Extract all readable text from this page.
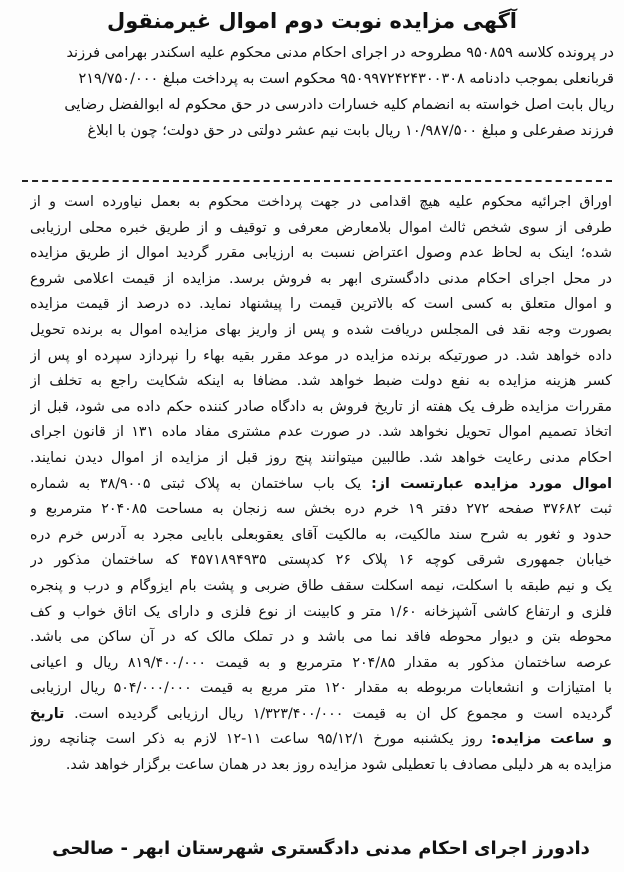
آگهی مزایده نوبت دوم اموال غیرمنقول

در پرونده کلاسه ۹۵۰۸۵۹ مطروحه در اجرای احکام مدنی محکوم علیه اسکندر بهرامی فرزند

قربانعلی بموجب دادنامه ۹۵۰۹۹۷۲۴۲۴۳۰۰۳۰۸ محکوم است به پرداخت مبلغ ۲۱۹/۷۵۰/۰۰۰

ریال بابت اصل خواسته به انضمام کلیه خسارات دادرسی در حق محکوم له ابوالفضل رضایی

فرزند صفرعلی و مبلغ ۱۰/۹۸۷/۵۰۰ ریال بابت نیم عشر دولتی در حق دولت؛ چون با ابلاغ

اوراق اجرائیه محکوم علیه هیچ اقدامی در جهت پرداخت محکوم به بعمل نیاورده است و از
طرفی از سوی شخص ثالث اموال بلامعارض معرفی و توقیف و از طریق خبره محلی ارزیابی
شده؛ اینک به لحاظ عدم وصول اعتراض نسبت به ارزیابی مقرر گردید اموال از طریق مزایده
در محل اجرای احکام مدنی دادگستری ابهر به فروش برسد. مزایده از قیمت اعلامی شروع
و اموال متعلق به کسی است که بالاترین قیمت را پیشنهاد نماید. ده درصد از قیمت مزایده
بصورت وجه نقد فی المجلس دریافت شده و پس از واریز بهای مزایده اموال به برنده تحویل
داده خواهد شد. در صورتیکه برنده مزایده در موعد مقرر بقیه بهاء را نپردازد سپرده او پس از
کسر هزینه مزایده به نفع دولت ضبط خواهد شد. مضافا به اینکه شکایت راجع به تخلف از
مقررات مزایده ظرف یک هفته از تاریخ فروش به دادگاه صادر کننده حکم داده می شود، قبل از
اتخاذ تصمیم اموال تحویل نخواهد شد. در صورت عدم مشتری مفاد ماده ۱۳۱ از قانون اجرای
احکام مدنی رعایت خواهد شد. طالبین میتوانند پنج روز قبل از مزایده از اموال دیدن نمایند.
اموال مورد مزایده عبارتست از: یک باب ساختمان به پلاک ثبتی ۳۸/۹۰۰۵ به شماره
ثبت ۳۷۶۸۲ صفحه ۲۷۲ دفتر ۱۹ خرم دره بخش سه زنجان به مساحت ۲۰۴۰۸۵ مترمربع و
حدود و ثغور به شرح سند مالکیت، به مالکیت آقای یعقوبعلی بابایی مجرد به آدرس خرم دره
خیابان جمهوری شرقی کوچه ۱۶ پلاک ۲۶ کدپستی ۴۵۷۱۸۹۴۹۳۵ که ساختمان مذکور در
یک و نیم طبقه با اسکلت، نیمه اسکلت سقف طاق ضربی و پشت بام ایزوگام و درب و پنجره
فلزی و ارتفاع کاشی آشپزخانه ۱/۶۰ متر و کابینت از نوع فلزی و دارای یک اتاق خواب و کف
محوطه بتن و دیوار محوطه فاقد نما می باشد و در تملک مالک که در آن ساکن می باشد.
عرصه ساختمان مذکور به مقدار ۲۰۴/۸۵ مترمربع و به قیمت ۸۱۹/۴۰۰/۰۰۰ ریال و اعیانی
با امتیازات و انشعابات مربوطه به مقدار ۱۲۰ متر مربع به قیمت ۵۰۴/۰۰۰/۰۰۰ ریال ارزیابی
گردیده است و مجموع کل ان به قیمت ۱/۳۲۳/۴۰۰/۰۰۰ ریال ارزیابی گردیده است. تاریخ
و ساعت مزایده: روز یکشنبه مورخ ۹۵/۱۲/۱ ساعت ۱۱-۱۲ لازم به ذکر است چنانچه روز
مزایده به هر دلیلی مصادف با تعطیلی شود مزایده روز بعد در همان ساعت برگزار خواهد شد.
دادورز اجرای احکام مدنی دادگستری شهرستان ابهر - صالحی
